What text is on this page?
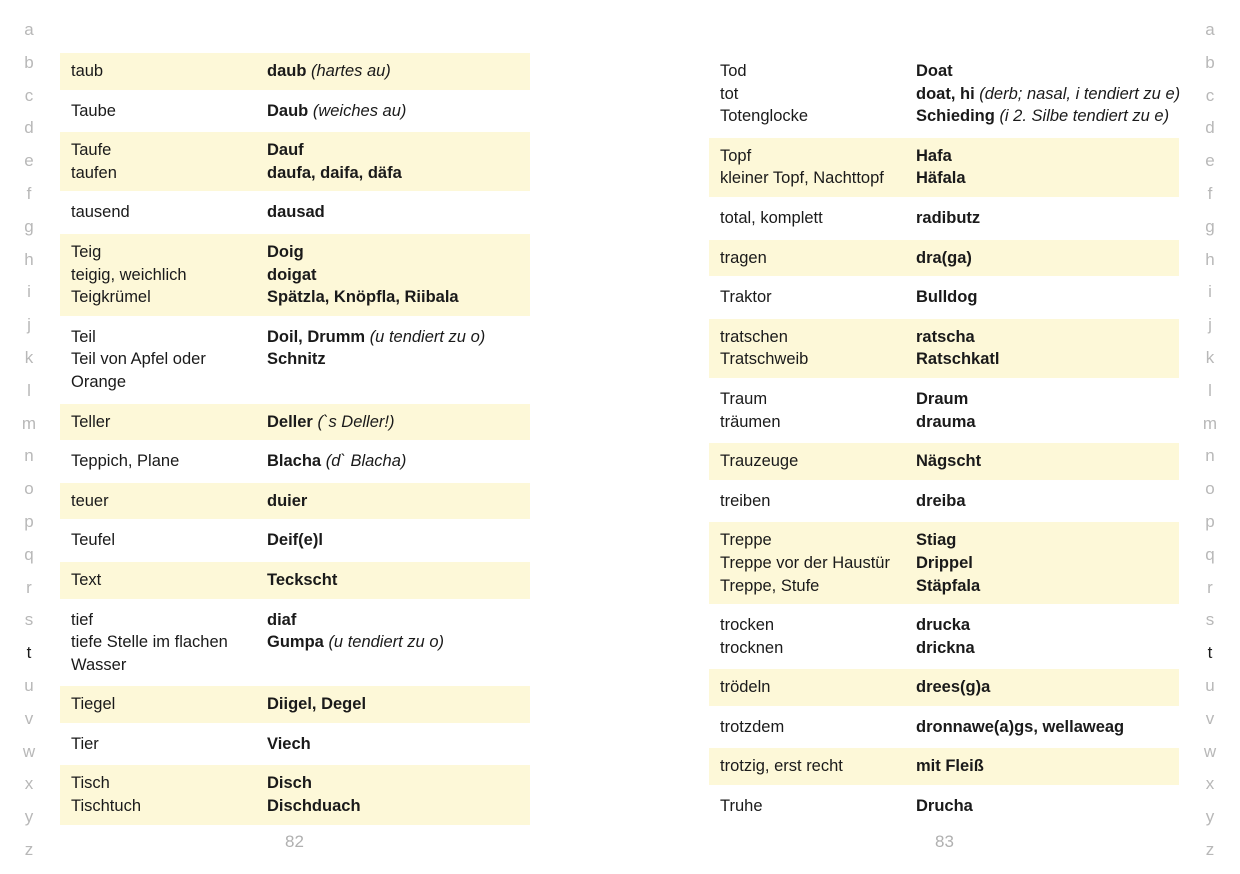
a
b
c
d
e
f
g
h
i
j
k
l
m
n
o
p
q
r
s
t
u
v
w
x
y
z
a
b
c
d
e
f
g
h
i
j
k
l
m
n
o
p
q
r
s
t
u
v
w
x
y
z
taub	daub (hartes au)
Taube	Daub (weiches au)
Taufe	Dauf
taufen	daufa, daifa, däfa
tausend	dausad
Teig	Doig
teigig, weichlich	doigat
Teigkrümel	Spätzla, Knöpfla, Riibala
Teil	Doil, Drumm (u tendiert zu o)
Teil von Apfel oder	Schnitz
Orange
Teller	Deller (`s Deller!)
Teppich, Plane	Blacha (d` Blacha)
teuer	duier
Teufel	Deif(e)l
Text	Teckscht
tief	diaf
tiefe Stelle im flachen	Gumpa (u tendiert zu o)
Wasser
Tiegel	Diigel, Degel
Tier	Viech
Tisch	Disch
Tischtuch	Dischduach
Tod	Doat
tot	doat, hi (derb; nasal, i tendiert zu e)
Totenglocke	Schieding (i 2. Silbe tendiert zu e)
Topf	Hafa
kleiner Topf, Nachttopf	Häfala
total, komplett	radibutz
tragen	dra(ga)
Traktor	Bulldog
tratschen	ratscha
Tratschweib	Ratschkatl
Traum	Draum
träumen	drauma
Trauzeuge	Nägscht
treiben	dreiba
Treppe	Stiag
Treppe vor der Haustür	Drippel
Treppe, Stufe	Stäpfala
trocken	drucka
trocknen	drickna
trödeln	drees(g)a
trotzdem	dronnawe(a)gs, wellaweag
trotzig, erst recht	mit Fleiß
Truhe	Drucha
82	83
